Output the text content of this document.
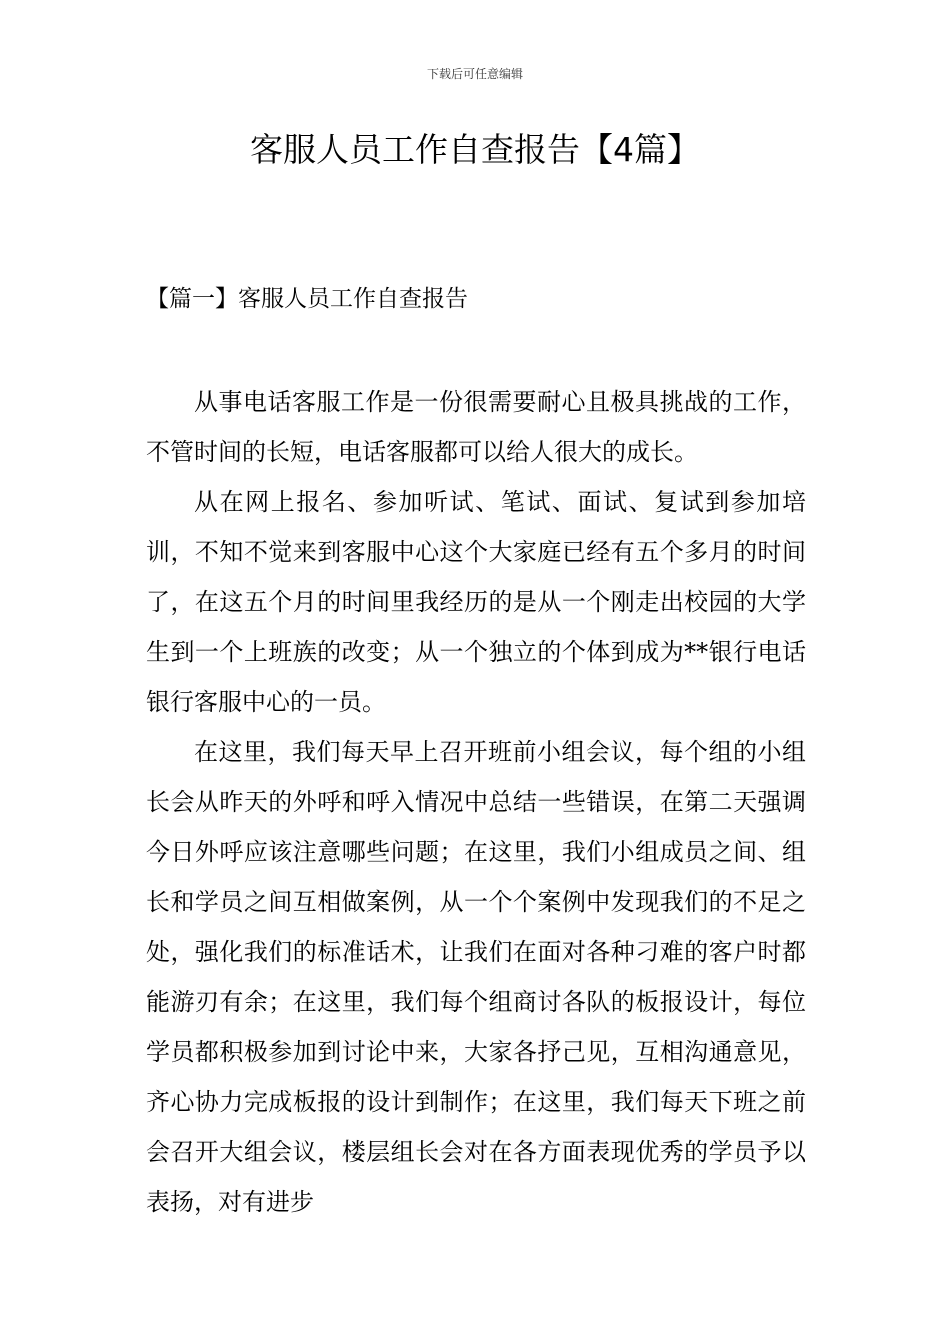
下载后可任意编辑
客服人员工作自查报告【4篇】
【篇一】客服人员工作自查报告

从事电话客服工作是一份很需要耐心且极具挑战的工作，不管时间的长短，电话客服都可以给人很大的成长。

从在网上报名、参加听试、笔试、面试、复试到参加培训，不知不觉来到客服中心这个大家庭已经有五个多月的时间了，在这五个月的时间里我经历的是从一个刚走出校园的大学生到一个上班族的改变；从一个独立的个体到成为**银行电话银行客服中心的一员。

在这里，我们每天早上召开班前小组会议，每个组的小组长会从昨天的外呼和呼入情况中总结一些错误，在第二天强调今日外呼应该注意哪些问题；在这里，我们小组成员之间、组长和学员之间互相做案例，从一个个案例中发现我们的不足之处，强化我们的标准话术，让我们在面对各种刁难的客户时都能游刃有余；在这里，我们每个组商讨各队的板报设计，每位学员都积极参加到讨论中来，大家各抒己见，互相沟通意见，齐心协力完成板报的设计到制作；在这里，我们每天下班之前会召开大组会议，楼层组长会对在各方面表现优秀的学员予以表扬，对有进步
